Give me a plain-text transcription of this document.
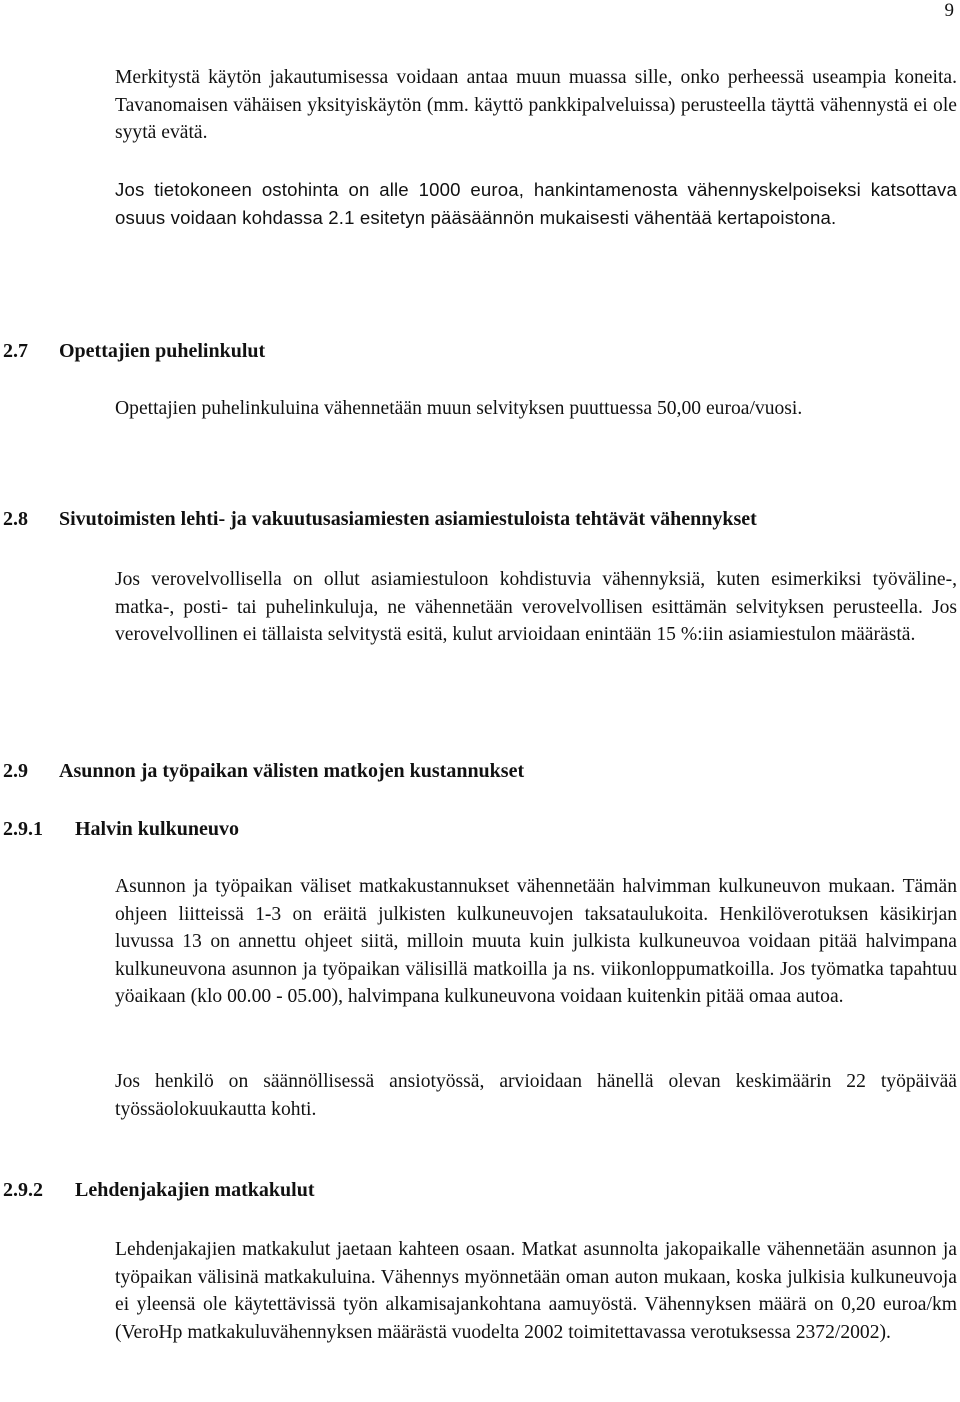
9

Merkitystä käytön jakautumisessa voidaan antaa muun muassa sille, onko perheessä useampia koneita. Tavanomaisen vähäisen yksityiskäytön (mm. käyttö pankkipalveluissa) perusteella täyttä vähennystä ei ole syytä evätä.

Jos tietokoneen ostohinta on alle 1000 euroa, hankintamenosta vähennyskelpoiseksi katsottava osuus voidaan kohdassa 2.1 esitetyn pääsäännön mukaisesti vähentää kertapoistona.

2.7 Opettajien puhelinkulut

Opettajien puhelinkuluina vähennetään muun selvityksen puuttuessa 50,00 euroa/vuosi.

2.8 Sivutoimisten lehti- ja vakuutusasiamiesten asiamiestuloista tehtävät vähennykset

Jos verovelvollisella on ollut asiamiestuloon kohdistuvia vähennyksiä, kuten esimerkiksi työväline-, matka-, posti- tai puhelinkuluja, ne vähennetään verovelvollisen esittämän selvityksen perusteella. Jos verovelvollinen ei tällaista selvitystä esitä, kulut arvioidaan enintään 15 %:iin asiamiestulon määrästä.

2.9 Asunnon ja työpaikan välisten matkojen kustannukset
2.9.1 Halvin kulkuneuvo

Asunnon ja työpaikan väliset matkakustannukset vähennetään halvimman kulkuneuvon mukaan. Tämän ohjeen liitteissä 1-3 on eräitä julkisten kulkuneuvojen taksataulukoita. Henkilöverotuksen käsikirjan luvussa 13 on annettu ohjeet siitä, milloin muuta kuin julkista kulkuneuvoa voidaan pitää halvimpana kulkuneuvona asunnon ja työpaikan välisillä matkoilla ja ns. viikonloppumatkoilla. Jos työmatka tapahtuu yöaikaan (klo 00.00 - 05.00), halvimpana kulkuneuvona voidaan kuitenkin pitää omaa autoa.

Jos henkilö on säännöllisessä ansiotyössä, arvioidaan hänellä olevan keskimäärin 22 työpäivää työssäolokuukautta kohti.

2.9.2 Lehdenjakajien matkakulut

Lehdenjakajien matkakulut jaetaan kahteen osaan. Matkat asunnolta jakopaikalle vähennetään asunnon ja työpaikan välisinä matkakuluina. Vähennys myönnetään oman auton mukaan, koska julkisia kulkuneuvoja ei yleensä ole käytettävissä työn alkamisajankohtana aamuyöstä. Vähennyksen määrä on 0,20 euroa/km (VeroHp matkakuluvähennyksen määrästä vuodelta 2002 toimitettavassa verotuksessa 2372/2002).
